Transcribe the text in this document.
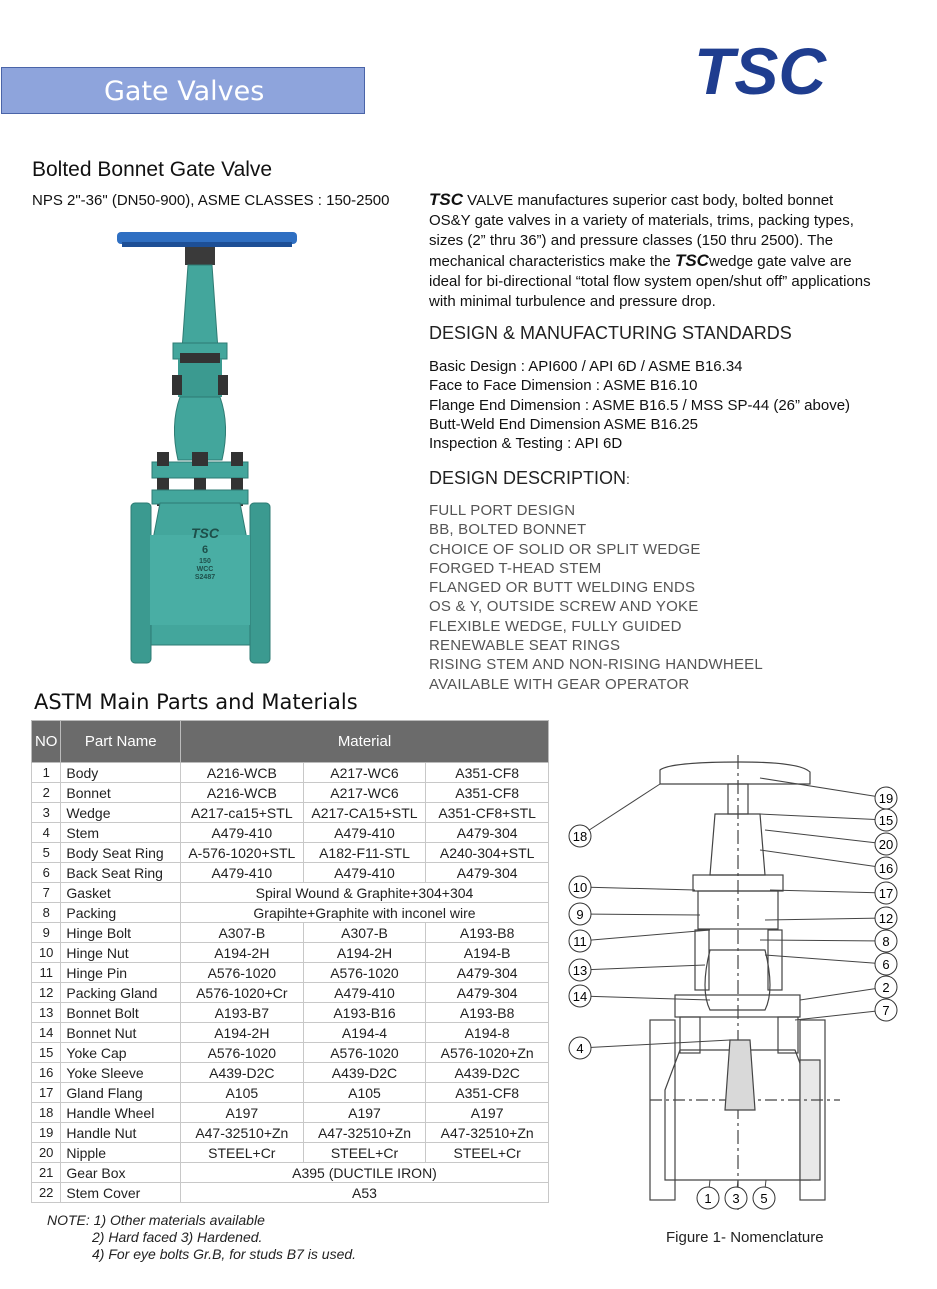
Gate Valves	TSC
Bolted Bonnet Gate Valve
NPS 2"-36" (DN50-900), ASME CLASSES : 150-2500 TSC VALVE manufactures superior cast body, bolted bonnet
OS&Y gate valves in a variety of materials, trims, packing types,
sizes (2” thru 36”) and pressure classes (150 thru 2500). The
mechanical characteristics make the TSCwedge gate valve are
ideal for bi-directional “total flow system open/shut off” applications
with minimal turbulence and pressure drop.
DESIGN & MANUFACTURING STANDARDS
Basic Design : API600 / API 6D / ASME B16.34
Face to Face Dimension : ASME B16.10
Flange End Dimension : ASME B16.5 / MSS SP-44 (26” above)
Butt-Weld End Dimension ASME B16.25
Inspection & Testing : API 6D
DESIGN DESCRIPTION:
FULL PORT DESIGN
BB, BOLTED BONNET
CHOICE OF SOLID OR SPLIT WEDGE
FORGED T-HEAD STEM
FLANGED OR BUTT WELDING ENDS
OS & Y, OUTSIDE SCREW AND YOKE
FLEXIBLE WEDGE, FULLY GUIDED
RENEWABLE SEAT RINGS
RISING STEM AND NON-RISING HANDWHEEL
AVAILABLE WITH GEAR OPERATOR
TSC
6
150
WCC
S2487
ASTM Main Parts and Materials
NO	Part Name	Material		
1	Body	A216-WCB	A217-WC6	A351-CF8
2	Bonnet	A216-WCB	A217-WC6	A351-CF8
3	Wedge	A217-ca15+STL	A217-CA15+STL	A351-CF8+STL
4	Stem	A479-410	A479-410	A479-304
5	Body Seat Ring	A-576-1020+STL	A182-F11-STL	A240-304+STL
6	Back Seat Ring	A479-410	A479-410	A479-304
7	Gasket	Spiral Wound & Graphite+304+304		
8	Packing	Grapihte+Graphite with inconel wire		
9	Hinge Bolt	A307-B	A307-B	A193-B8
10	Hinge Nut	A194-2H	A194-2H	A194-B
11	Hinge Pin	A576-1020	A576-1020	A479-304
12	Packing Gland	A576-1020+Cr	A479-410	A479-304
13	Bonnet Bolt	A193-B7	A193-B16	A193-B8
14	Bonnet Nut	A194-2H	A194-4	A194-8
15	Yoke Cap	A576-1020	A576-1020	A576-1020+Zn
16	Yoke Sleeve	A439-D2C	A439-D2C	A439-D2C
17	Gland Flang	A105	A105	A351-CF8
18	Handle Wheel	A197	A197	A197
19	Handle Nut	A47-32510+Zn	A47-32510+Zn	A47-32510+Zn
20	Nipple	STEEL+Cr	STEEL+Cr	STEEL+Cr
21	Gear Box	A395 (DUCTILE IRON)		
22	Stem Cover	A53		
NOTE: 1) Other materials available
2) Hard faced 3) Hardened.
4) For eye bolts Gr.B, for studs B7 is used.
18
10
9
11
13
14
4
19
15
20
16
17
12
8
6
2
7
1 3 5
Figure 1- Nomenclature
